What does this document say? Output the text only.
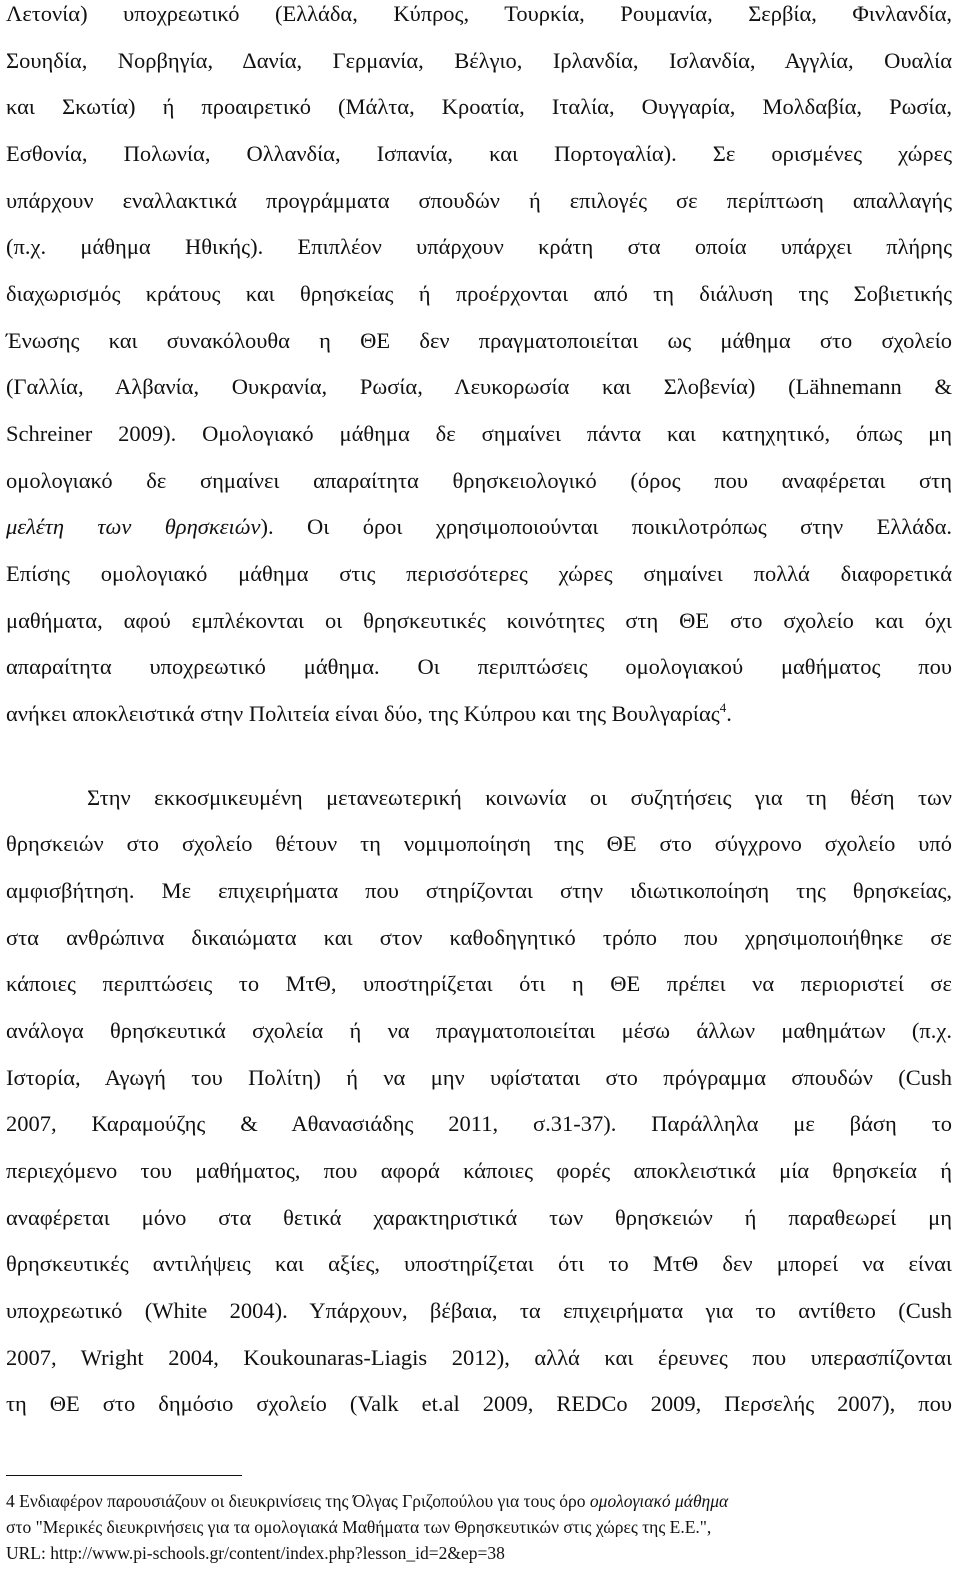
Λετονία) υποχρεωτικό (Ελλάδα, Κύπρος, Τουρκία, Ρουμανία, Σερβία, Φινλανδία,
Σουηδία, Νορβηγία, Δανία, Γερμανία, Βέλγιο, Ιρλανδία, Ισλανδία, Αγγλία, Ουαλία
και Σκωτία) ή προαιρετικό (Μάλτα, Κροατία, Ιταλία, Ουγγαρία, Μολδαβία, Ρωσία,
Εσθονία, Πολωνία, Ολλανδία, Ισπανία, και Πορτογαλία). Σε ορισμένες χώρες
υπάρχουν εναλλακτικά προγράμματα σπουδών ή επιλογές σε περίπτωση απαλλαγής
(π.χ. μάθημα Ηθικής). Επιπλέον υπάρχουν κράτη στα οποία υπάρχει πλήρης
διαχωρισμός κράτους και θρησκείας ή προέρχονται από τη διάλυση της Σοβιετικής
Ένωσης και συνακόλουθα η ΘΕ δεν πραγματοποιείται ως μάθημα στο σχολείο
(Γαλλία, Αλβανία, Ουκρανία, Ρωσία, Λευκορωσία και Σλοβενία) (Lähnemann &
Schreiner 2009). Ομολογιακό μάθημα δε σημαίνει πάντα και κατηχητικό, όπως μη
ομολογιακό δε σημαίνει απαραίτητα θρησκειολογικό (όρος που αναφέρεται στη
μελέτη των θρησκειών). Οι όροι χρησιμοποιούνται ποικιλοτρόπως στην Ελλάδα.
Επίσης ομολογιακό μάθημα στις περισσότερες χώρες σημαίνει πολλά διαφορετικά
μαθήματα, αφού εμπλέκονται οι θρησκευτικές κοινότητες στη ΘΕ στο σχολείο και όχι
απαραίτητα υποχρεωτικό μάθημα. Οι περιπτώσεις ομολογιακού μαθήματος που
ανήκει αποκλειστικά στην Πολιτεία είναι δύο, της Κύπρου και της Βουλγαρίας$^4$.
Στην εκκοσμικευμένη μετανεωτερική κοινωνία οι συζητήσεις για τη θέση των
θρησκειών στο σχολείο θέτουν τη νομιμοποίηση της ΘΕ στο σύγχρονο σχολείο υπό
αμφισβήτηση. Με επιχειρήματα που στηρίζονται στην ιδιωτικοποίηση της θρησκείας,
στα ανθρώπινα δικαιώματα και στον καθοδηγητικό τρόπο που χρησιμοποιήθηκε σε
κάποιες περιπτώσεις το ΜτΘ, υποστηρίζεται ότι η ΘΕ πρέπει να περιοριστεί σε
ανάλογα θρησκευτικά σχολεία ή να πραγματοποιείται μέσω άλλων μαθημάτων (π.χ.
Ιστορία, Αγωγή του Πολίτη) ή να μην υφίσταται στο πρόγραμμα σπουδών (Cush
2007, Καραμούζης & Αθανασιάδης 2011, σ.31-37). Παράλληλα με βάση το
περιεχόμενο του μαθήματος, που αφορά κάποιες φορές αποκλειστικά μία θρησκεία ή
αναφέρεται μόνο στα θετικά χαρακτηριστικά των θρησκειών ή παραθεωρεί μη
θρησκευτικές αντιλήψεις και αξίες, υποστηρίζεται ότι το ΜτΘ δεν μπορεί να είναι
υποχρεωτικό (White 2004). Υπάρχουν, βέβαια, τα επιχειρήματα για το αντίθετο (Cush
2007, Wright 2004, Koukounaras-Liagis 2012), αλλά και έρευνες που υπερασπίζονται
τη ΘΕ στο δημόσιο σχολείο (Valk et.al 2009, REDCo 2009, Περσελής 2007), που
4 Ενδιαφέρον παρουσιάζουν οι διευκρινίσεις της Όλγας Γριζοπούλου για τους όρο ομολογιακό μάθημα
στο "Μερικές διευκρινήσεις για τα ομολογιακά Μαθήματα των Θρησκευτικών στις χώρες της Ε.Ε.",
URL: http://www.pi-schools.gr/content/index.php?lesson_id=2&ep=38
